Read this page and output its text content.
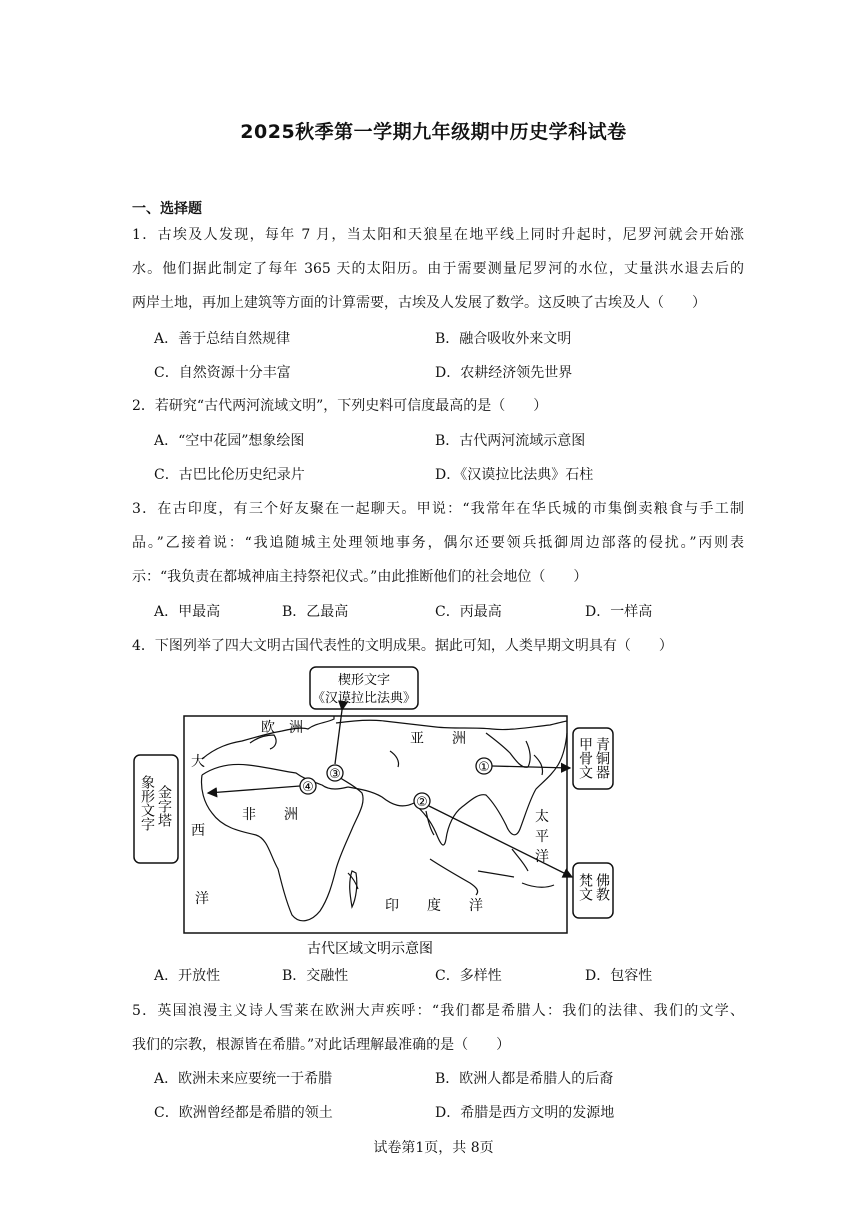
2025秋季第一学期九年级期中历史学科试卷
一、选择题

1．古埃及人发现，每年 7 月，当太阳和天狼星在地平线上同时升起时，尼罗河就会开始涨

水。他们据此制定了每年 365 天的太阳历。由于需要测量尼罗河的水位，丈量洪水退去后的

两岸土地，再加上建筑等方面的计算需要，古埃及人发展了数学。这反映了古埃及人（　　）

A．善于总结自然规律	B．融合吸收外来文明
C．自然资源十分丰富	D．农耕经济领先世界

2．若研究“古代两河流域文明”，下列史料可信度最高的是（　　）

A．“空中花园”想象绘图	B．古代两河流域示意图
C．古巴比伦历史纪录片	D．《汉谟拉比法典》石柱

3．在古印度，有三个好友聚在一起聊天。甲说：“我常年在华氏城的市集倒卖粮食与手工制

品。”乙接着说：“我追随城主处理领地事务，偶尔还要领兵抵御周边部落的侵扰。”丙则表

示：“我负责在都城神庙主持祭祀仪式。”由此推断他们的社会地位（　　）

A．甲最高	B．乙最高	C．丙最高	D．一样高

4．下图列举了四大文明古国代表性的文明成果。据此可知，人类早期文明具有（　　）

楔形文字
《汉谟拉比法典》
欧　洲
亚　　洲
非　　洲
大
西
洋
太
平
洋
印　　度　　洋
①
②
③
④
金字塔
象形文字
青铜器
甲骨文
佛教
梵文
古代区域文明示意图
A．开放性	B．交融性	C．多样性	D．包容性

5．英国浪漫主义诗人雪莱在欧洲大声疾呼：“我们都是希腊人：我们的法律、我们的文学、

我们的宗教，根源皆在希腊。”对此话理解最准确的是（　　）

A．欧洲未来应要统一于希腊	B．欧洲人都是希腊人的后裔
C．欧洲曾经都是希腊的领土	D．希腊是西方文明的发源地
试卷第1页，共 8页
